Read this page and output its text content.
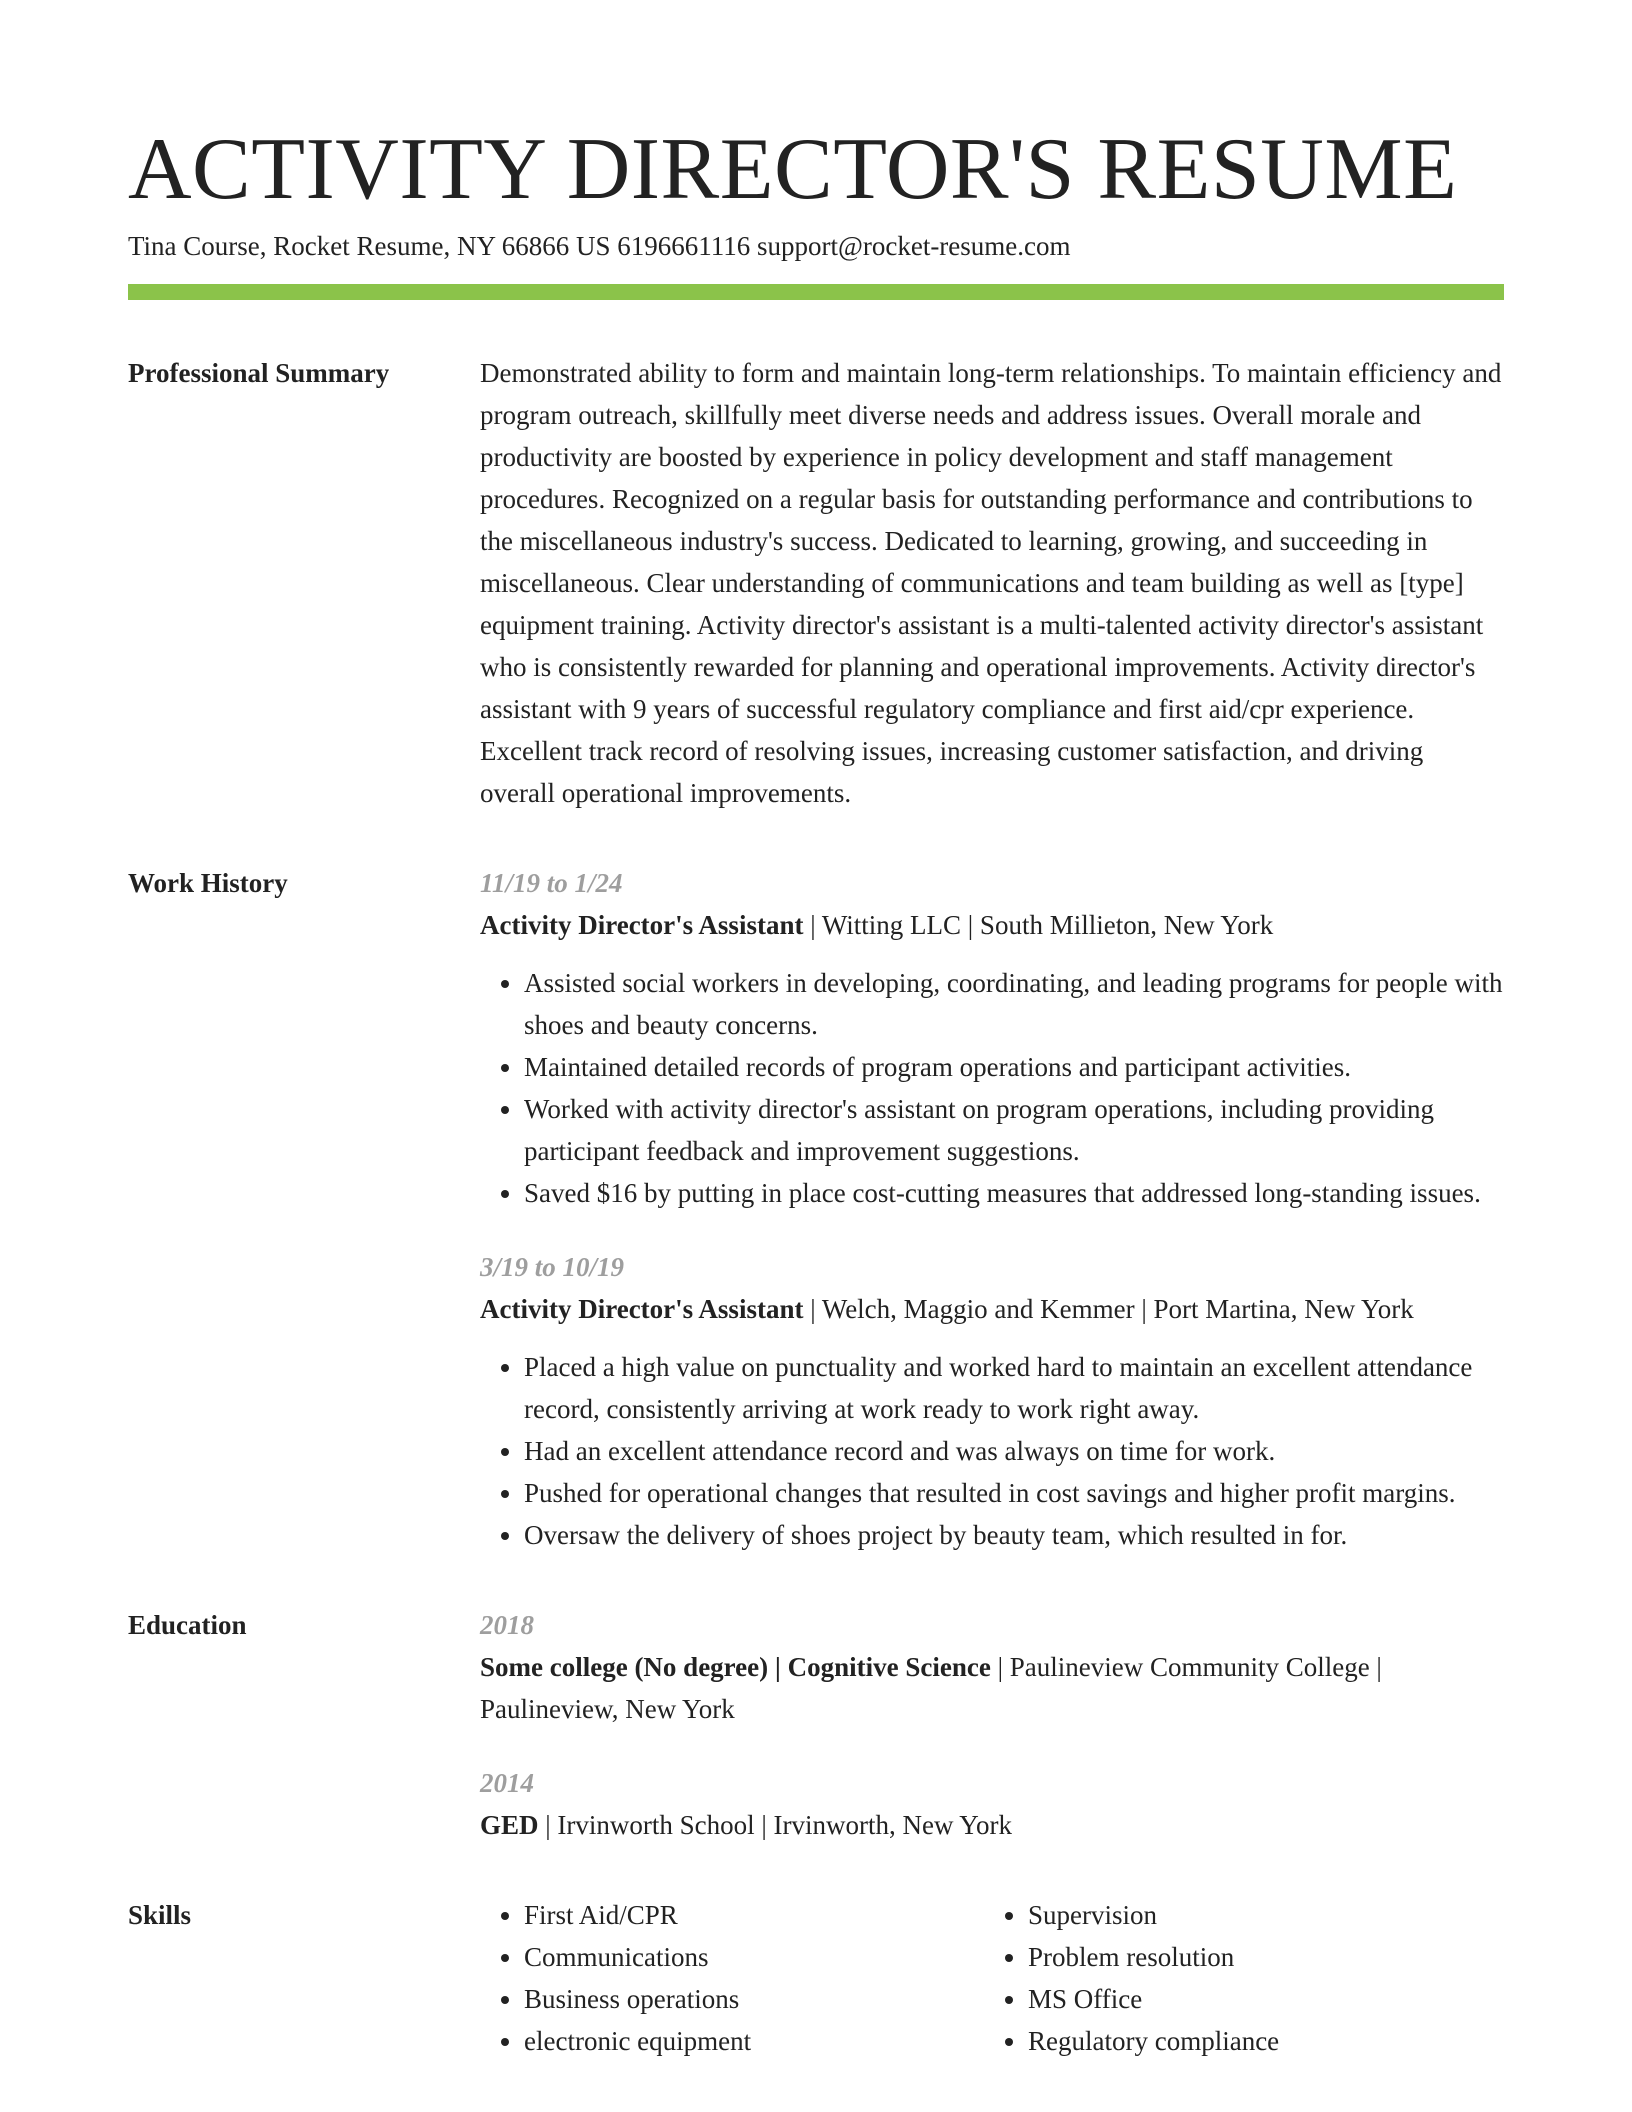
ACTIVITY DIRECTOR'S RESUME
Tina Course, Rocket Resume, NY 66866 US 6196661116 support@rocket-resume.com
Professional Summary	Demonstrated ability to form and maintain long-term relationships. To maintain efficiency and program outreach, skillfully meet diverse needs and address issues. Overall morale and productivity are boosted by experience in policy development and staff management procedures. Recognized on a regular basis for outstanding performance and contributions to the miscellaneous industry's success. Dedicated to learning, growing, and succeeding in miscellaneous. Clear understanding of communications and team building as well as [type] equipment training. Activity director's assistant is a multi-talented activity director's assistant who is consistently rewarded for planning and operational improvements. Activity director's assistant with 9 years of successful regulatory compliance and first aid/cpr experience. Excellent track record of resolving issues, increasing customer satisfaction, and driving overall operational improvements.

Work History	11/19 to 1/24
Activity Director's Assistant | Witting LLC | South Millieton, New York
• Assisted social workers in developing, coordinating, and leading programs for people with shoes and beauty concerns.
• Maintained detailed records of program operations and participant activities.
• Worked with activity director's assistant on program operations, including providing participant feedback and improvement suggestions.
• Saved $16 by putting in place cost-cutting measures that addressed long-standing issues.
3/19 to 10/19
Activity Director's Assistant | Welch, Maggio and Kemmer | Port Martina, New York
• Placed a high value on punctuality and worked hard to maintain an excellent attendance record, consistently arriving at work ready to work right away.
• Had an excellent attendance record and was always on time for work.
• Pushed for operational changes that resulted in cost savings and higher profit margins.
• Oversaw the delivery of shoes project by beauty team, which resulted in for.
Education	2018
Some college (No degree) | Cognitive Science | Paulineview Community College | Paulineview, New York
2014
GED | Irvinworth School | Irvinworth, New York
Skills
•	First Aid/CPR
• Communications
• Business operations
• electronic equipment
• Supervision
• Problem resolution
• MS Office
• Regulatory compliance
